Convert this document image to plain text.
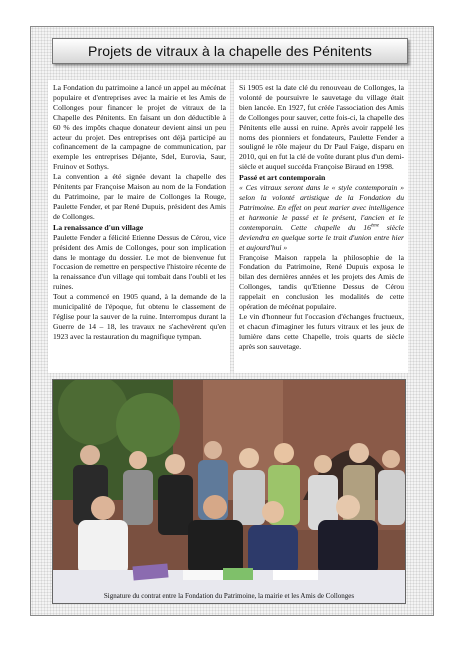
Projets de vitraux à la chapelle des Pénitents

La Fondation du patrimoine a lancé un appel au mécénat populaire et d'entreprises avec la mairie et les Amis de Collonges pour financer le projet de vitraux de la Chapelle des Pénitents. En faisant un don déductible à 60 % des impôts chaque donateur devient ainsi un peu acteur du projet. Des entreprises ont déjà participé au cofinancement de la campagne de communication, par exemple les entreprises Déjante, Sdel, Eurovia, Saur, Fruinov et Sothys.

La convention a été signée devant la chapelle des Pénitents par Françoise Maison au nom de la Fondation du Patrimoine, par le maire de Collonges la Rouge, Paulette Fender, et par René Dupuis, président des Amis de Collonges.

La renaissance d'un village

Paulette Fender a félicité Etienne Dessus de Cérou, vice président des Amis de Collonges, pour son implication dans le montage du dossier. Le mot de bienvenue fut l'occasion de remettre en perspective l'histoire récente de la renaissance d'un village qui tombait dans l'oubli et les ruines.

Tout a commencé en 1905 quand, à la demande de la municipalité de l'époque, fut obtenu le classement de l'église pour la sauver de la ruine. Interrompus durant la Guerre de 14 – 18, les travaux ne s'achevèrent qu'en 1923 avec la restauration du magnifique tympan.

Si 1905 est la date clé du renouveau de Collonges, la volonté de poursuivre le sauvetage du village était bien lancée. En 1927, fut créée l'association des Amis de Collonges pour sauver, cette fois-ci, la chapelle des Pénitents elle aussi en ruine. Après avoir rappelé les noms des pionniers et fondateurs, Paulette Fender a souligné le rôle majeur du Dr Paul Faige, disparu en 2010, qui en fut la clé de voûte durant plus d'un demi-siècle et auquel succéda Françoise Biraud en 1998.

Passé et art contemporain

« Ces vitraux seront dans le « style contemporain » selon la volonté artistique de la Fondation du Patrimoine. En effet on peut marier avec intelligence et harmonie le passé et le présent, l'ancien et le contemporain. Cette chapelle du 16ème siècle deviendra en quelque sorte le trait d'union entre hier et aujourd'hui »

Françoise Maison rappela la philosophie de la Fondation du Patrimoine, René Dupuis exposa le bilan des dernières années et les projets des Amis de Collonges, tandis qu'Etienne Dessus de Cérou rappelait en conclusion les modalités de cette opération de mécénat populaire.

Le vin d'honneur fut l'occasion d'échanges fructueux, et chacun d'imaginer les futurs vitraux et les jeux de lumière dans cette Chapelle, trois quarts de siècle après son sauvetage.

Signature du contrat entre la Fondation du Patrimoine, la mairie et les Amis de Collonges
